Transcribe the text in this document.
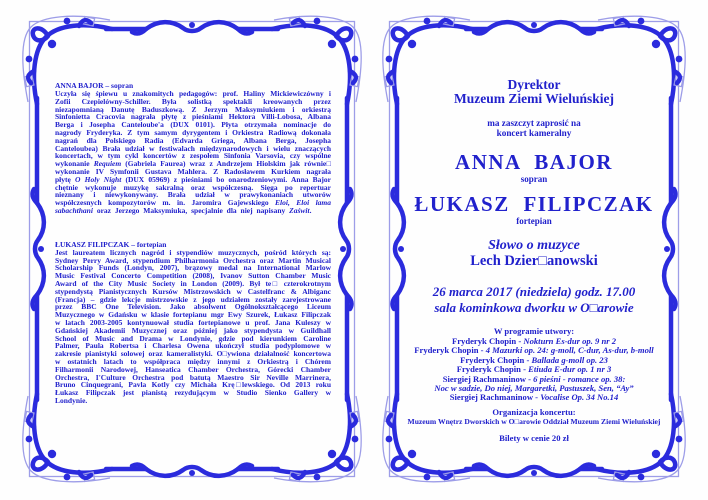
ANNA BAJOR – sopran
Uczyła się śpiewu u znakomitych pedagogów: prof. Haliny Mickiewiczówny i Zofii Czepielówny-Schiller. Była solistką spektakli kreowanych przez niezapomnianą Danutę Baduszkową. Z Jerzym Maksymiukiem i orkiestrą Sinfonietta Cracovia nagrała płytę z pieśniami Hektora Villi-Lobosa, Albana Berga i Josepha Canteloube'a (DUX 0101). Płyta otrzymała nominacje do nagrody Fryderyka. Z tym samym dyrygentem i Orkiestra Radiową dokonała nagrań dla Polskiego Radia (Edvarda Griega, Albana Berga, Josepha Canteloubea) Brała udział w festiwalach międzynarodowych i wielu znaczących koncertach, w tym cykl koncertów z zespołem Sinfonia Varsovia, czy wspólne wykonanie Requiem (Gabriela Faurea) wraz z Andrzejem Hiolskim jak równie□ wykonanie IV Symfonii Gustava Mahlera. Z Radosławem Kurkiem nagrała płytę O Holy Night (DUX 05969) z pieśniami bo onarodzeniowymi. Anna Bajor chętnie wykonuje muzykę sakralną oraz współczesną. Sięga po repertuar nieznany i niewykonywany. Brała udział w prawykonaniach utworów współczesnych kompozytorów m. in. Jaromira Gajewskiego Eloi, Eloi lama sabachthani oraz Jerzego Maksymiuka, specjalnie dla niej napisany Zaświt.
ŁUKASZ FILIPCZAK – fortepian
Jest laureatem licznych nagród i stypendiów muzycznych, pośród których są: Sydney Perry Award, stypendium Philharmonia Orchestra oraz Martin Musical Scholarship Funds (Londyn, 2007), brązowy medal na International Marlow Music Festival Concerto Competition (2008), Ivanov Sutton Chamber Music Award of the City Music Society in London (2009). Był te□ czterokrotnym stypendystą Pianistycznych Kursów Mistrzowskich w Castelfranc & Albiganc (Francja) – gdzie lekcje mistrzowskie z jego udziałem zostały zarejestrowane przez BBC One Television. Jako absolwent Ogólnokształcącego Liceum Muzycznego w Gdańsku w klasie fortepianu mgr Ewy Szurek, Łukasz Filipczak w latach 2003-2005 kontynuował studia fortepianowe u prof. Jana Kuleszy w Gdańskiej Akademii Muzycznej oraz później jako stypendysta w Guildhall School of Music and Drama w Londynie, gdzie pod kierunkiem Caroline Palmer, Paula Robertsa i Charlesa Owena ukończył studia podyplomowe w zakresie pianistyki solowej oraz kameralistyki. O□ywiona działalność koncertowa w ostatnich latach to współpraca między innymi z Orkiestrą i Chórem Filharmonii Narodowej, Hanseatica Chamber Orchestra, Górecki Chamber Orchestra, I'Culture Orchestra pod batutą Maestro Sir Neville Marrinera, Bruno Cinquegrani, Pavla Kotly czy Michała Krę□lewskiego. Od 2013 roku Łukasz Filipczak jest pianistą rezydującym w Studio Sienko Gallery w Londynie.
Dyrektor
Muzeum Ziemi Wieluńskiej
ma zaszczyt zaprosić na
koncert kameralny
ANNA BAJOR
sopran
ŁUKASZ FILIPCZAK
fortepian
Słowo o muzyce
Lech Dzier□anowski
26 marca 2017 (niedziela) godz. 17.00
sala kominkowa dworku w O□arowie
W programie utwory:
Fryderyk Chopin - Nokturn Es-dur op. 9 nr 2
Fryderyk Chopin - 4 Mazurki op. 24: g-moll, C-dur, As-dur, b-moll
Fryderyk Chopin - Ballada g-moll op. 23
Fryderyk Chopin - Etiuda E-dur op. 1 nr 3
Siergiej Rachmaninow - 6 pieśni - romance op. 38:
Noc w sadzie, Do niej, Margaretki, Pastuszek, Sen, “Ay”
Siergiej Rachmaninow - Vocalise Op. 34 No.14
Organizacja koncertu:
Muzeum Wnętrz Dworskich w O□arowie Oddział Muzeum Ziemi Wieluńskiej
Bilety w cenie 20 zł
